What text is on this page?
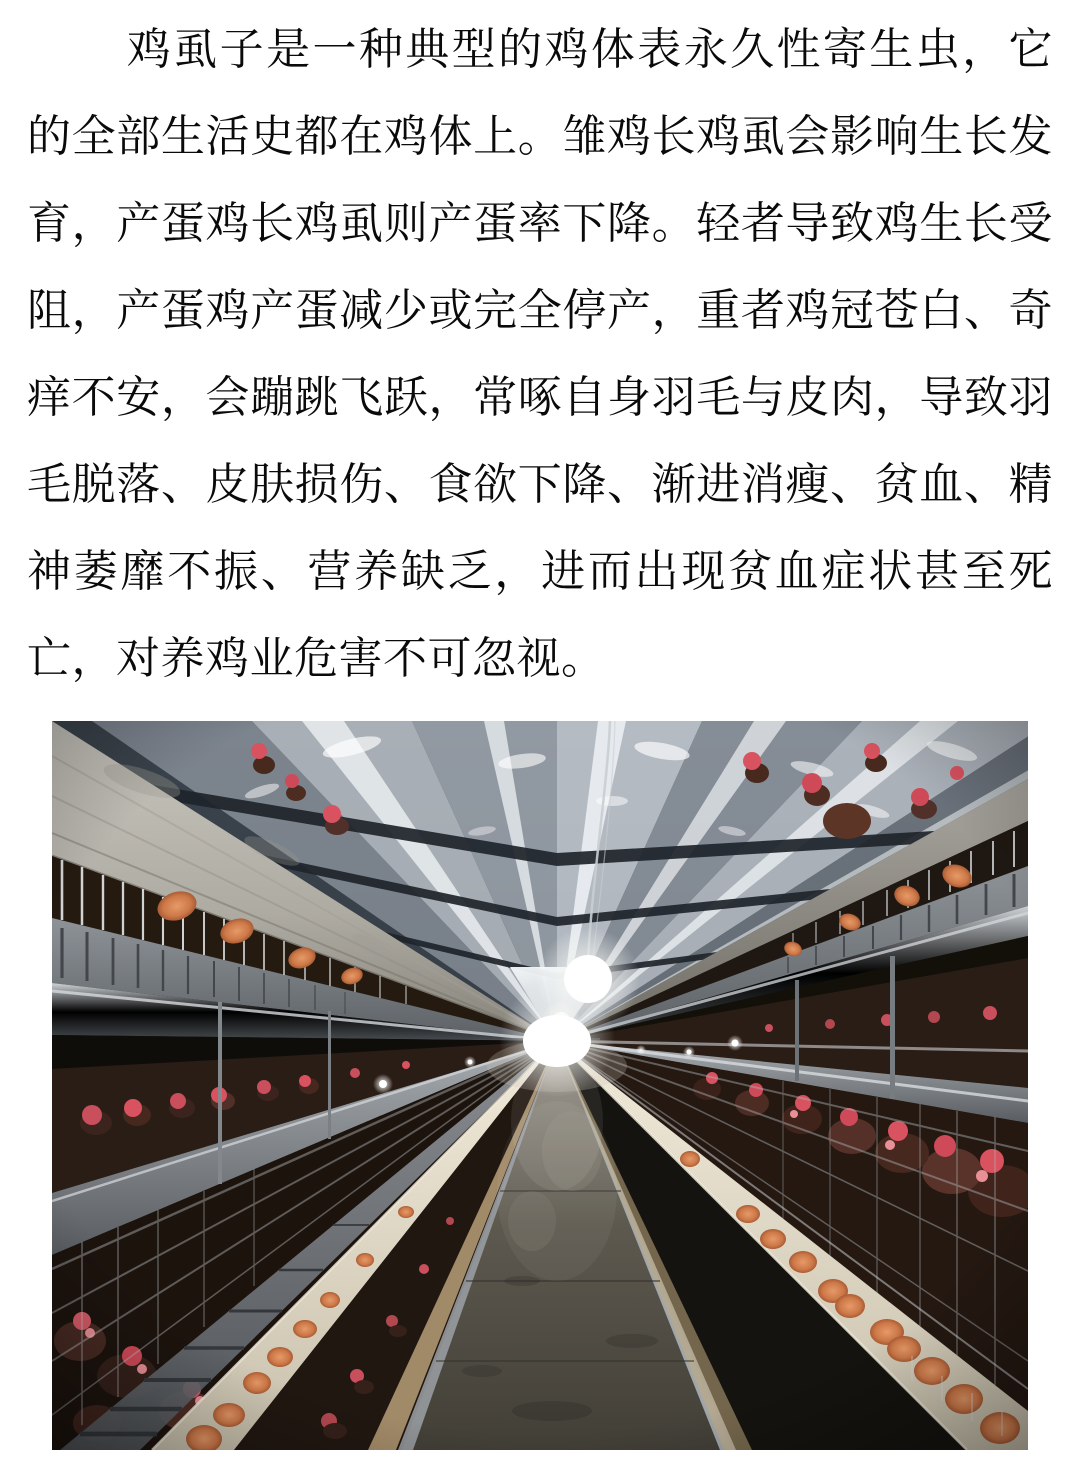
鸡虱子是一种典型的鸡体表永久性寄生虫，它的全部生活史都在鸡体上。雏鸡长鸡虱会影响生长发育，产蛋鸡长鸡虱则产蛋率下降。轻者导致鸡生长受阻，产蛋鸡产蛋减少或完全停产，重者鸡冠苍白、奇痒不安，会蹦跳飞跃，常啄自身羽毛与皮肉，导致羽毛脱落、皮肤损伤、食欲下降、渐进消瘦、贫血、精神萎靡不振、营养缺乏，进而出现贫血症状甚至死亡，对养鸡业危害不可忽视。
